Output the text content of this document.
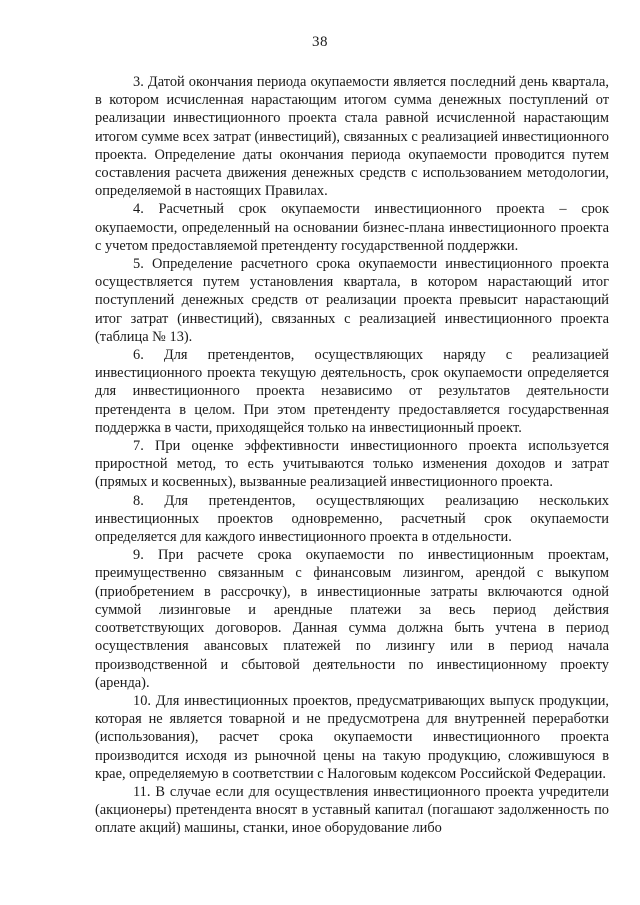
38

3. Датой окончания периода окупаемости является последний день квартала, в котором исчисленная нарастающим итогом сумма денежных поступлений от реализации инвестиционного проекта стала равной исчисленной нарастающим итогом сумме всех затрат (инвестиций), связанных с реализацией инвестиционного проекта. Определение даты окончания периода окупаемости проводится путем составления расчета движения денежных средств с использованием методологии, определяемой в настоящих Правилах.

4. Расчетный срок окупаемости инвестиционного проекта – срок окупаемости, определенный на основании бизнес-плана инвестиционного проекта с учетом предоставляемой претенденту государственной поддержки.

5. Определение расчетного срока окупаемости инвестиционного проекта осуществляется путем установления квартала, в котором нарастающий итог поступлений денежных средств от реализации проекта превысит нарастающий итог затрат (инвестиций), связанных с реализацией инвестиционного проекта (таблица № 13).

6. Для претендентов, осуществляющих наряду с реализацией инвестиционного проекта текущую деятельность, срок окупаемости определяется для инвестиционного проекта независимо от результатов деятельности претендента в целом. При этом претенденту предоставляется государственная поддержка в части, приходящейся только на инвестиционный проект.

7. При оценке эффективности инвестиционного проекта используется приростной метод, то есть учитываются только изменения доходов и затрат (прямых и косвенных), вызванные реализацией инвестиционного проекта.

8. Для претендентов, осуществляющих реализацию нескольких инвестиционных проектов одновременно, расчетный срок окупаемости определяется для каждого инвестиционного проекта в отдельности.

9. При расчете срока окупаемости по инвестиционным проектам, преимущественно связанным с финансовым лизингом, арендой с выкупом (приобретением в рассрочку), в инвестиционные затраты включаются одной суммой лизинговые и арендные платежи за весь период действия соответствующих договоров. Данная сумма должна быть учтена в период осуществления авансовых платежей по лизингу или в период начала производственной и сбытовой деятельности по инвестиционному проекту (аренда).

10. Для инвестиционных проектов, предусматривающих выпуск продукции, которая не является товарной и не предусмотрена для внутренней переработки (использования), расчет срока окупаемости инвестиционного проекта производится исходя из рыночной цены на такую продукцию, сложившуюся в крае, определяемую в соответствии с Налоговым кодексом Российской Федерации.

11. В случае если для осуществления инвестиционного проекта учредители (акционеры) претендента вносят в уставный капитал (погашают задолженность по оплате акций) машины, станки, иное оборудование либо
